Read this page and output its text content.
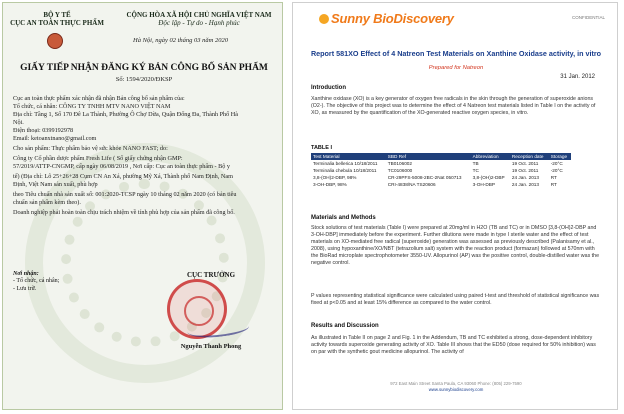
BỘ Y TẾ
CỤC AN TOÀN THỰC PHẨM
CỘNG HÒA XÃ HỘI CHỦ NGHĨA VIỆT NAM
Độc lập - Tự do - Hạnh phúc
Hà Nội, ngày 02 tháng 03 năm 2020
GIẤY TIẾP NHẬN ĐĂNG KÝ BẢN CÔNG BỐ SẢN PHẨM
Số: 1594/2020/ĐKSP
Cục an toàn thực phẩm xác nhận đã nhận Bản công bố sản phẩm của:
Tổ chức, cá nhân: CÔNG TY TNHH MTV NANO VIỆT NAM
Địa chỉ: Tầng 1, Số 170 Đê La Thành, Phường Ô Chợ Dừa, Quận Đống Đa, Thành Phố Hà
Nội.
Điện thoại: 0399192978
Email: ketoanxtnano@gmail.com
Cho sản phẩm: Thực phẩm bảo vệ sức khỏe NANO FAST; do:
Công ty Cổ phần dược phẩm Fresh Life ( Số giấy chứng nhận GMP:
57/2019/ATTP-CNGMP, cấp ngày 06/08/2019 , Nơi cấp: Cục an toàn thực phẩm - Bộ y
tế) (Địa chỉ: Lô 25+26+28 Cụm CN An Xá, phường Mỹ Xá, Thành phố Nam Định, Nam
Định, Việt Nam sản xuất, phù hợp
theo Tiêu chuẩn nhà sản xuất số: 001:2020-TCSP ngày 10 tháng 02 năm 2020 (có bản tiêu
chuẩn sản phẩm kèm theo).
Doanh nghiệp phải hoàn toàn chịu trách nhiệm về tính phù hợp của sản phẩm đã công bố.
Nơi nhận:
- Tổ chức, cá nhân;
- Lưu trữ.
CỤC TRƯỞNG
Nguyễn Thanh Phong
Sunny BioDiscovery	CONFIDENTIAL
Report 581XO Effect of 4 Natreon Test Materials on Xanthine Oxidase activity, in vitro
Prepared for Natreon
31 Jan. 2012
Introduction
Xanthine oxidase (XO) is a key generator of oxygen free radicals in the skin through the generation of superoxide anions (O2-). The objective of this project was to determine the effect of 4 Natreon test materials listed in Table I on the activity of XO, as measured by the quantification of the XO-generated reactive oxygen species, in vitro.
TABLE I
Test Material	SBD Ref	Abbreviation	Reception date	Storage
Terminalia bellerica 10/18/2011	TB0106002	TB	19 Oct. 2011	-20°C
Terminalia chebula 10/18/2011	TC0106000	TC	19 Oct. 2011	-20°C
3,8-(OH)2-DBP, 98%	CR-29PFS-5008-2BC-2Nat 050713	3,8-(OH)2-DBP	24 Jan. 2013	RT
3-OH-DBP, 98%	CRI-4838/NA TS20606	3-OH-DBP	24 Jan. 2013	RT
Materials and Methods
Stock solutions of test materials (Table I) were prepared at 20mg/ml in H2O (TB and TC) or in DMSO [3,8-(OH)2-DBP and 3-OH-DBP] immediately before the experiment. Further dilutions were made in type I sterile water and the effect of test materials on XO-mediated free radical (superoxide) generation was assessed as previously described (Palanisamy et al., 2008), using hypoxanthine/XO/NBT (tetrazolium salt) system with the reaction product (formazan) followed at 570nm with the BioRad microplate spectrophotometer 3550-UV. Allopurinol (AP) was the positive control, double-distilled water was the negative control.
P values representing statistical significance were calculated using paired t-test and threshold of statistical significance was fixed at p<0.05 and at least 15% difference as compared to the water control.
Results and Discussion
As illustrated in Table II on page 2 and Fig. 1 in the Addendum, TB and TC exhibited a strong, dose-dependent inhibitory activity towards superoxide generating activity of XO. Table III shows that the ED50 (dose required for 50% inhibition) was on par with the synthetic gout medicine allopurinol. The activity of
972 East Main Street Santa Paula, CA 93060 Phone: (805) 229-7590
www.sunnybiodiscovery.com
